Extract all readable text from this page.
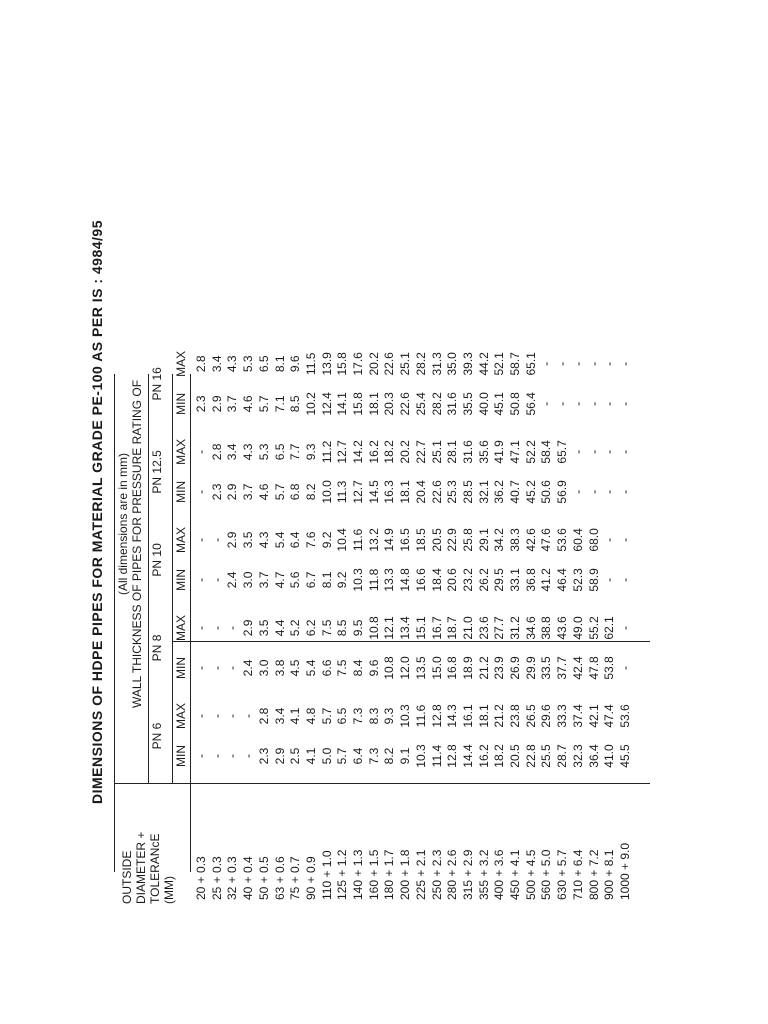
DIMENSIONS OF HDPE PIPES FOR MATERIAL GRADE PE-100 AS PER IS : 4984/95
OUTSIDE DIAMETER + TOLERANcE (MM)
(All dimensions are in mm) WALL THICKNESS OF PIPES FOR PRESSURE RATING OF
PN 6
MIN
MAX
PN 8
MIN
MAX
PN 10
MIN
MAX
PN 12.5 MIN
MAX
PN 16
MIN
MAX
20 + 0.3
-
-
-
-
-
-
-
-
2.3
2.8
25 + 0.3
-
-
-
-
-
-
2.3
2.8
2.9
3.4
32 + 0.3
-
-
-
-
2.4
2.9
2.9
3.4
3.7
4.3
40 + 0.4
-
-
2.4
2.9
3.0
3.5
3.7
4.3
4.6
5.3
50 + 0.5
2.3
2.8
3.0
3.5
3.7
4.3
4.6
5.3
5.7
6.5
63 + 0.6
2.9
3.4
3.8
4.4
4.7
5.4
5.7
6.5
7.1
8.1
75 + 0.7
2.5
4.1
4.5
5.2
5.6
6.4
6.8
7.7
8.5
9.6
90 + 0.9
4.1
4.8
5.4
6.2
6.7
7.6
8.2
9.3
10.2
11.5
110 + 1.0
5.0
5.7
6.6
7.5
8.1
9.2
10.0
11.2
12.4
13.9
125 + 1.2
5.7
6.5
7.5
8.5
9.2
10.4
11.3
12.7
14.1
15.8
140 + 1.3
6.4
7.3
8.4
9.5
10.3
11.6
12.7
14.2
15.8
17.6
160 + 1.5
7.3
8.3
9.6
10.8
11.8
13.2
14.5
16.2
18.1
20.2
180 + 1.7
8.2
9.3
10.8
12.1
13.3
14.9
16.3
18.2
20.3
22.6
200 + 1.8
9.1
10.3
12.0
13.4
14.8
16.5
18.1
20.2
22.6
25.1
225 + 2.1
10.3
11.6
13.5
15.1
16.6
18.5
20.4
22.7
25.4
28.2
250 + 2.3
11.4
12.8
15.0
16.7
18.4
20.5
22.6
25.1
28.2
31.3
280 + 2.6
12.8
14.3
16.8
18.7
20.6
22.9
25.3
28.1
31.6
35.0
315 + 2.9
14.4
16.1
18.9
21.0
23.2
25.8
28.5
31.6
35.5
39.3
355 + 3.2
16.2
18.1
21.2
23.6
26.2
29.1
32.1
35.6
40.0
44.2
400 + 3.6
18.2
21.2
23.9
27.7
29.5
34.2
36.2
41.9
45.1
52.1
450 + 4.1
20.5
23.8
26.9
31.2
33.1
38.3
40.7
47.1
50.8
58.7
500 + 4.5
22.8
26.5
29.9
34.6
36.8
42.6
45.2
52.2
56.4
65.1
560 + 5.0
25.5
29.6
33.5
38.8
41.2
47.6
50.6
58.4
-
-
630 + 5.7
28.7
33.3
37.7
43.6
46.4
53.6
56.9
65.7
-
-
710 + 6.4
32.3
37.4
42.4
49.0
52.3
60.4
-
-
-
-
800 + 7.2
36.4
42.1
47.8
55.2
58.9
68.0
-
-
-
-
900 + 8.1
41.0
47.4
53.8
62.1
-
-
-
-
-
-
1000 + 9.0
45.5
53.6
-
-
-
-
-
-
-
-
